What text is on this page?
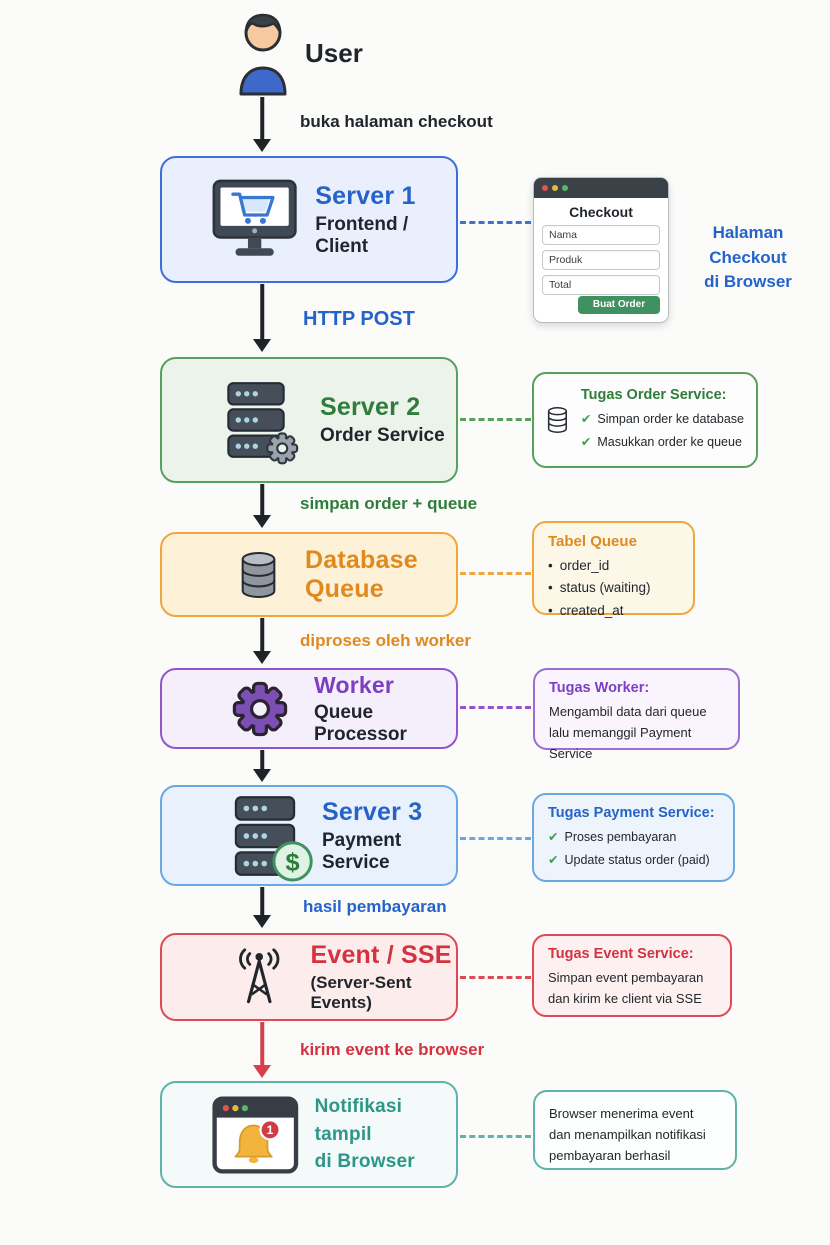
User
buka halaman checkout
Server 1
Frontend / Client
Checkout
Nama
Produk
Total
Buat Order
Halaman Checkout
di Browser
HTTP POST
Server 2
Order Service
Tugas Order Service:
✔ Simpan order ke database
✔ Masukkan order ke queue
simpan order + queue
Database Queue
Tabel Queue
• order_id
• status (waiting)
• created_at
diproses oleh worker
Worker
Queue Processor
Tugas Worker:
Mengambil data dari queue
lalu memanggil Payment Service
$
Server 3
Payment Service
Tugas Payment Service:
✔ Proses pembayaran
✔ Update status order (paid)
hasil pembayaran
Event / SSE
(Server-Sent Events)
Tugas Event Service:
Simpan event pembayaran
dan kirim ke client via SSE
kirim event ke browser
1
Notifikasi tampil
di Browser
Browser menerima event
dan menampilkan notifikasi
pembayaran berhasil
